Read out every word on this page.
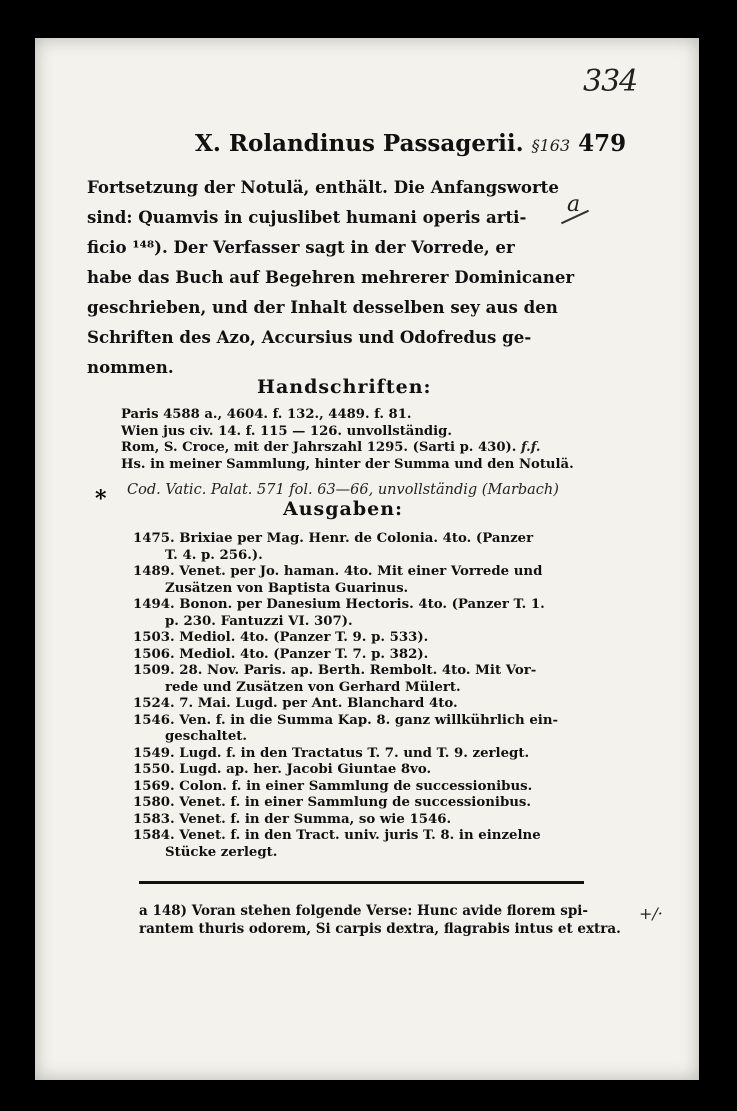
334
X. Rolandinus Passagerii. §163 479
a
Fortsetzung der Notulä, enthält. Die Anfangsworte
sind: Quamvis in cujuslibet humani operis arti-
ficio ¹⁴⁸). Der Verfasser sagt in der Vorrede, er
habe das Buch auf Begehren mehrerer Dominicaner
geschrieben, und der Inhalt desselben sey aus den
Schriften des Azo, Accursius und Odofredus ge-
nommen.
Handschriften:
Paris 4588 a., 4604. f. 132., 4489. f. 81.
Wien jus civ. 14. f. 115 — 126. unvollständig.
Rom, S. Croce, mit der Jahrszahl 1295. (Sarti p. 430). f.f.
Hs. in meiner Sammlung, hinter der Summa und den Notulä.
* Cod. Vatic. Palat. 571 fol. 63—66, unvollständig (Marbach)
Ausgaben:
1475. Brixiae per Mag. Henr. de Colonia. 4to. (Panzer
T. 4. p. 256.).
1489. Venet. per Jo. haman. 4to. Mit einer Vorrede und
Zusätzen von Baptista Guarinus.
1494. Bonon. per Danesium Hectoris. 4to. (Panzer T. 1.
p. 230. Fantuzzi VI. 307).
1503. Mediol. 4to. (Panzer T. 9. p. 533).
1506. Mediol. 4to. (Panzer T. 7. p. 382).
1509. 28. Nov. Paris. ap. Berth. Rembolt. 4to. Mit Vor-
rede und Zusätzen von Gerhard Mülert.
1524. 7. Mai. Lugd. per Ant. Blanchard 4to.
1546. Ven. f. in die Summa Kap. 8. ganz willkührlich ein-
geschaltet.
1549. Lugd. f. in den Tractatus T. 7. und T. 9. zerlegt.
1550. Lugd. ap. her. Jacobi Giuntae 8vo.
1569. Colon. f. in einer Sammlung de successionibus.
1580. Venet. f. in einer Sammlung de successionibus.
1583. Venet. f. in der Summa, so wie 1546.
1584. Venet. f. in den Tract. univ. juris T. 8. in einzelne
Stücke zerlegt.
a 148) Voran stehen folgende Verse: Hunc avide florem spi-
rantem thuris odorem, Si carpis dextra, flagrabis intus et extra.
+/·
